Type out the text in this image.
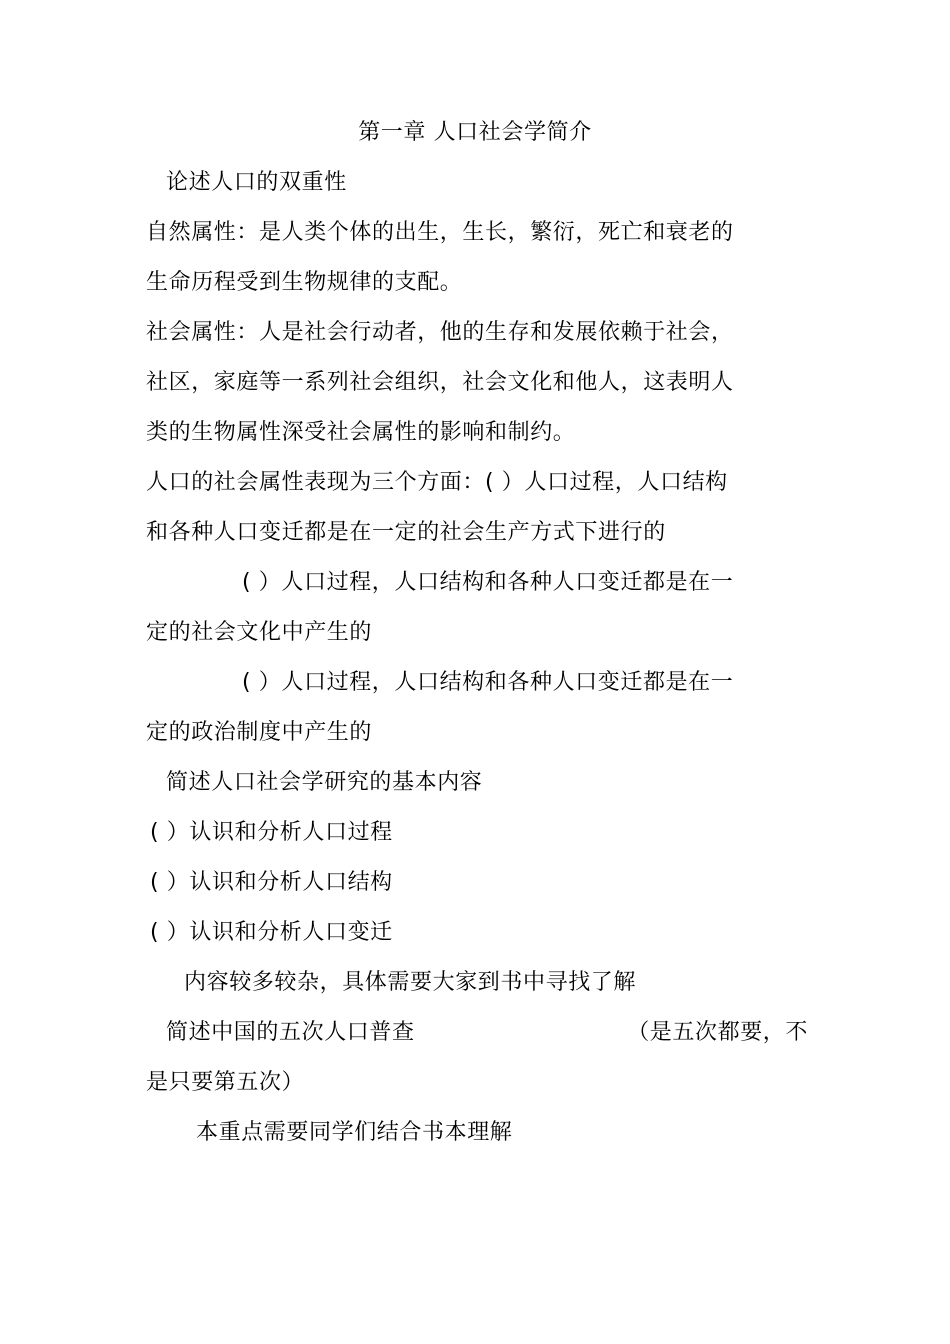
第一章 人口社会学简介
论述人口的双重性
自然属性：是人类个体的出生，生长，繁衍，死亡和衰老的
生命历程受到生物规律的支配。
社会属性：人是社会行动者，他的生存和发展依赖于社会，
社区，家庭等一系列社会组织，社会文化和他人，这表明人
类的生物属性深受社会属性的影响和制约。
人口的社会属性表现为三个方面：( ）人口过程，人口结构
和各种人口变迁都是在一定的社会生产方式下进行的
( ）人口过程，人口结构和各种人口变迁都是在一
定的社会文化中产生的
( ）人口过程，人口结构和各种人口变迁都是在一
定的政治制度中产生的
简述人口社会学研究的基本内容
( ）认识和分析人口过程
( ）认识和分析人口结构
( ）认识和分析人口变迁
内容较多较杂，具体需要大家到书中寻找了解
简述中国的五次人口普查	（是五次都要，不
是只要第五次）
本重点需要同学们结合书本理解
